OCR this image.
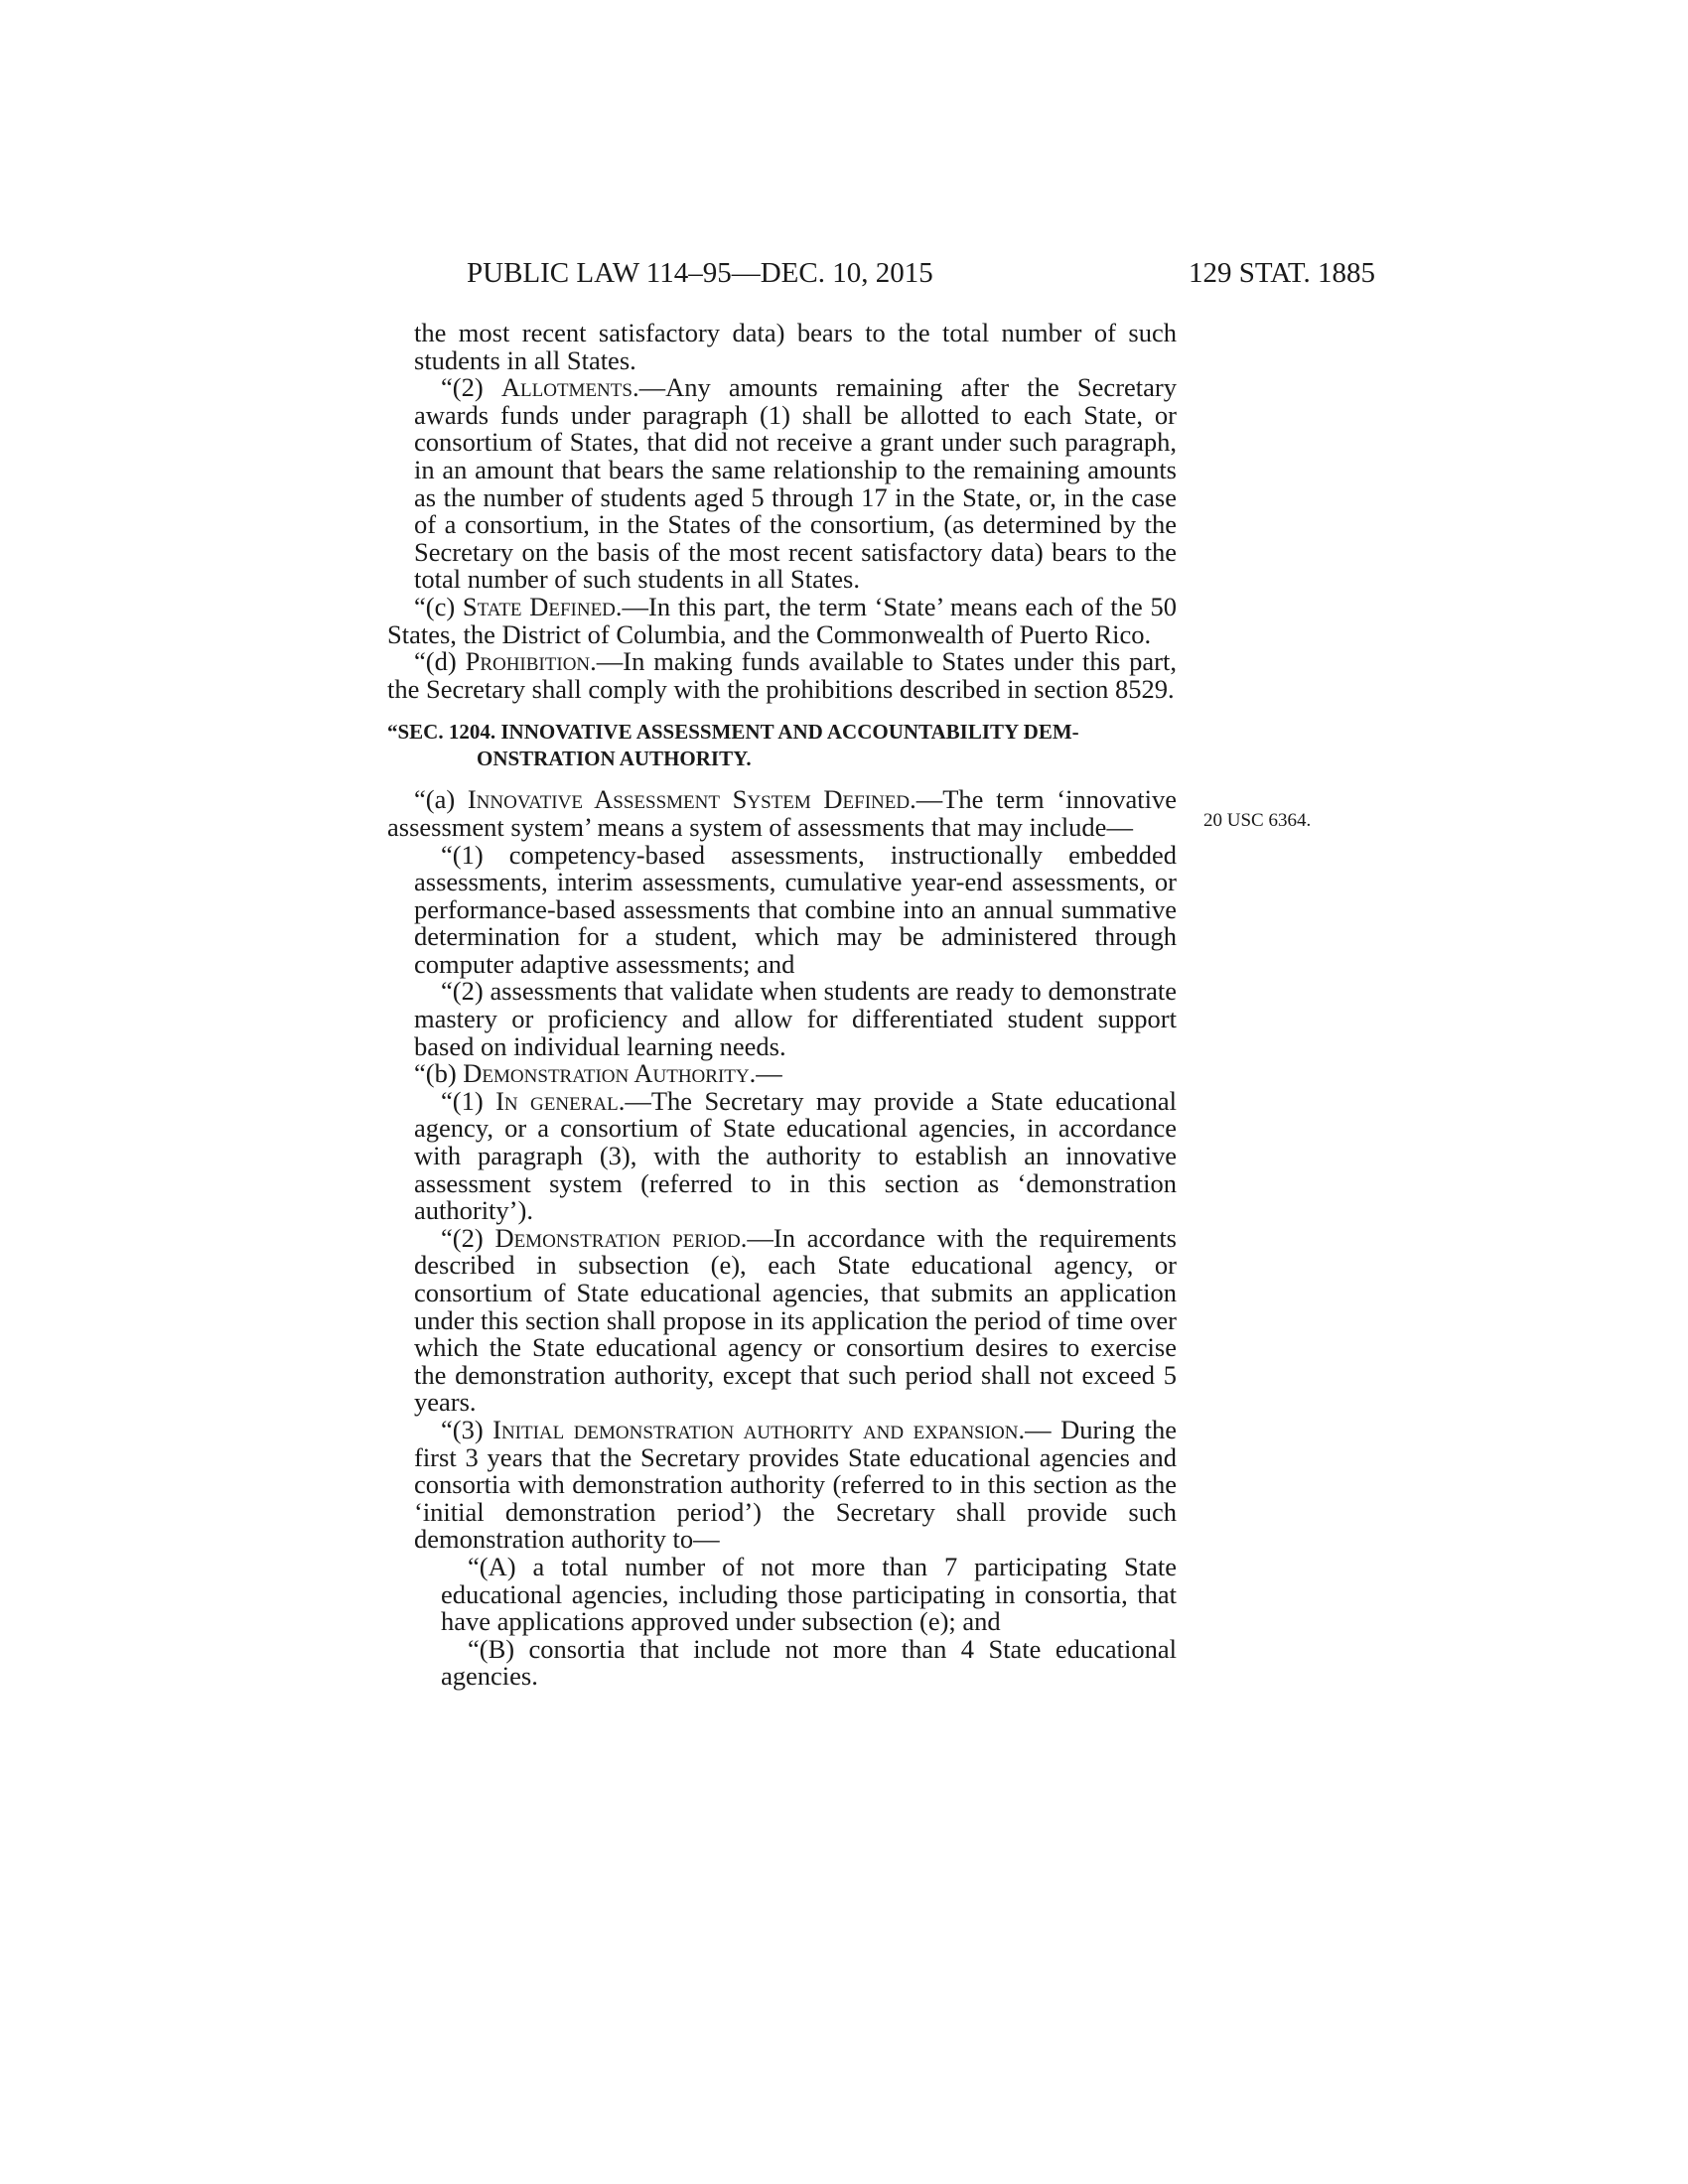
PUBLIC LAW 114–95—DEC. 10, 2015	129 STAT. 1885
20 USC 6364.

the most recent satisfactory data) bears to the total number of such students in all States.

“(2) Allotments.—Any amounts remaining after the Secretary awards funds under paragraph (1) shall be allotted to each State, or consortium of States, that did not receive a grant under such paragraph, in an amount that bears the same relationship to the remaining amounts as the number of students aged 5 through 17 in the State, or, in the case of a consortium, in the States of the consortium, (as determined by the Secretary on the basis of the most recent satisfactory data) bears to the total number of such students in all States.

“(c) State Defined.—In this part, the term ‘State’ means each of the 50 States, the District of Columbia, and the Commonwealth of Puerto Rico.

“(d) Prohibition.—In making funds available to States under this part, the Secretary shall comply with the prohibitions described in section 8529.

“SEC. 1204. INNOVATIVE ASSESSMENT AND ACCOUNTABILITY DEM-
ONSTRATION AUTHORITY.

“(a) Innovative Assessment System Defined.—The term ‘innovative assessment system’ means a system of assessments that may include—

“(1) competency-based assessments, instructionally embedded assessments, interim assessments, cumulative year-end assessments, or performance-based assessments that combine into an annual summative determination for a student, which may be administered through computer adaptive assessments; and

“(2) assessments that validate when students are ready to demonstrate mastery or proficiency and allow for differentiated student support based on individual learning needs.

“(b) Demonstration Authority.—

“(1) In general.—The Secretary may provide a State educational agency, or a consortium of State educational agencies, in accordance with paragraph (3), with the authority to establish an innovative assessment system (referred to in this section as ‘demonstration authority’).

“(2) Demonstration period.—In accordance with the requirements described in subsection (e), each State educational agency, or consortium of State educational agencies, that submits an application under this section shall propose in its application the period of time over which the State educational agency or consortium desires to exercise the demonstration authority, except that such period shall not exceed 5 years.

“(3) Initial demonstration authority and expansion.— During the first 3 years that the Secretary provides State educational agencies and consortia with demonstration authority (referred to in this section as the ‘initial demonstration period’) the Secretary shall provide such demonstration authority to—

“(A) a total number of not more than 7 participating State educational agencies, including those participating in consortia, that have applications approved under subsection (e); and

“(B) consortia that include not more than 4 State educational agencies.
